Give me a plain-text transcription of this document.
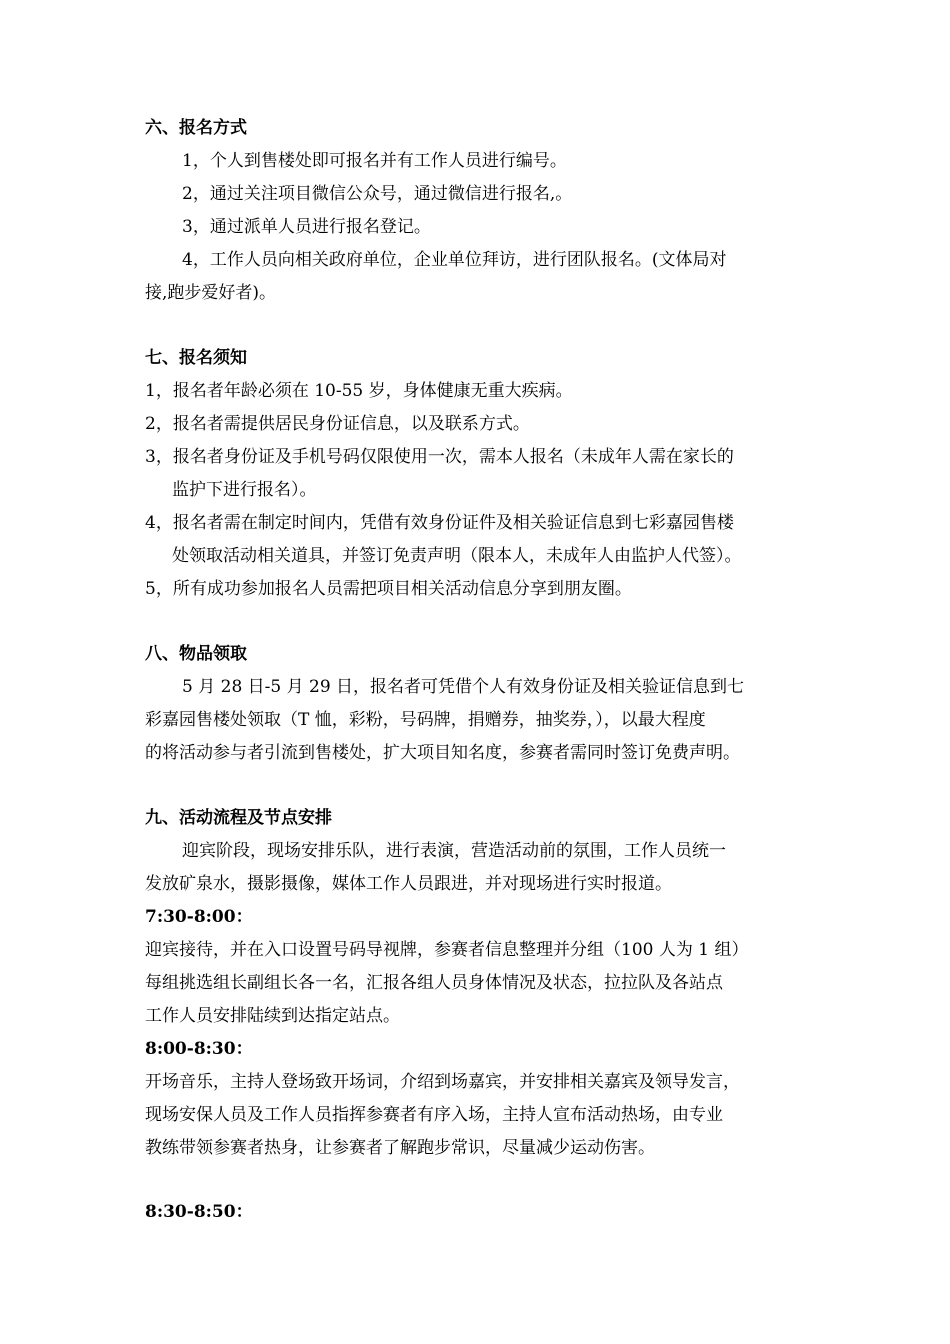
六、报名方式
1，个人到售楼处即可报名并有工作人员进行编号。
2，通过关注项目微信公众号，通过微信进行报名,。
3，通过派单人员进行报名登记。
4，工作人员向相关政府单位，企业单位拜访，进行团队报名。(文体局对
接,跑步爱好者)。
七、报名须知
1，报名者年龄必须在 10-55 岁，身体健康无重大疾病。
2，报名者需提供居民身份证信息，以及联系方式。
3，报名者身份证及手机号码仅限使用一次，需本人报名（未成年人需在家长的
监护下进行报名）。
4，报名者需在制定时间内，凭借有效身份证件及相关验证信息到七彩嘉园售楼
处领取活动相关道具，并签订免责声明（限本人，未成年人由监护人代签）。
5，所有成功参加报名人员需把项目相关活动信息分享到朋友圈。
八、物品领取
5 月 28 日-5 月 29 日，报名者可凭借个人有效身份证及相关验证信息到七
彩嘉园售楼处领取（T 恤，彩粉，号码牌，捐赠券，抽奖券，），以最大程度
的将活动参与者引流到售楼处，扩大项目知名度，参赛者需同时签订免费声明。
九、活动流程及节点安排
迎宾阶段，现场安排乐队，进行表演，营造活动前的氛围，工作人员统一
发放矿泉水，摄影摄像，媒体工作人员跟进，并对现场进行实时报道。
7:30-8:00：
迎宾接待，并在入口设置号码导视牌，参赛者信息整理并分组（100 人为 1 组）
每组挑选组长副组长各一名，汇报各组人员身体情况及状态，拉拉队及各站点
工作人员安排陆续到达指定站点。
8:00-8:30：
开场音乐，主持人登场致开场词，介绍到场嘉宾，并安排相关嘉宾及领导发言，
现场安保人员及工作人员指挥参赛者有序入场，主持人宣布活动热场，由专业
教练带领参赛者热身，让参赛者了解跑步常识，尽量减少运动伤害。
8:30-8:50：
